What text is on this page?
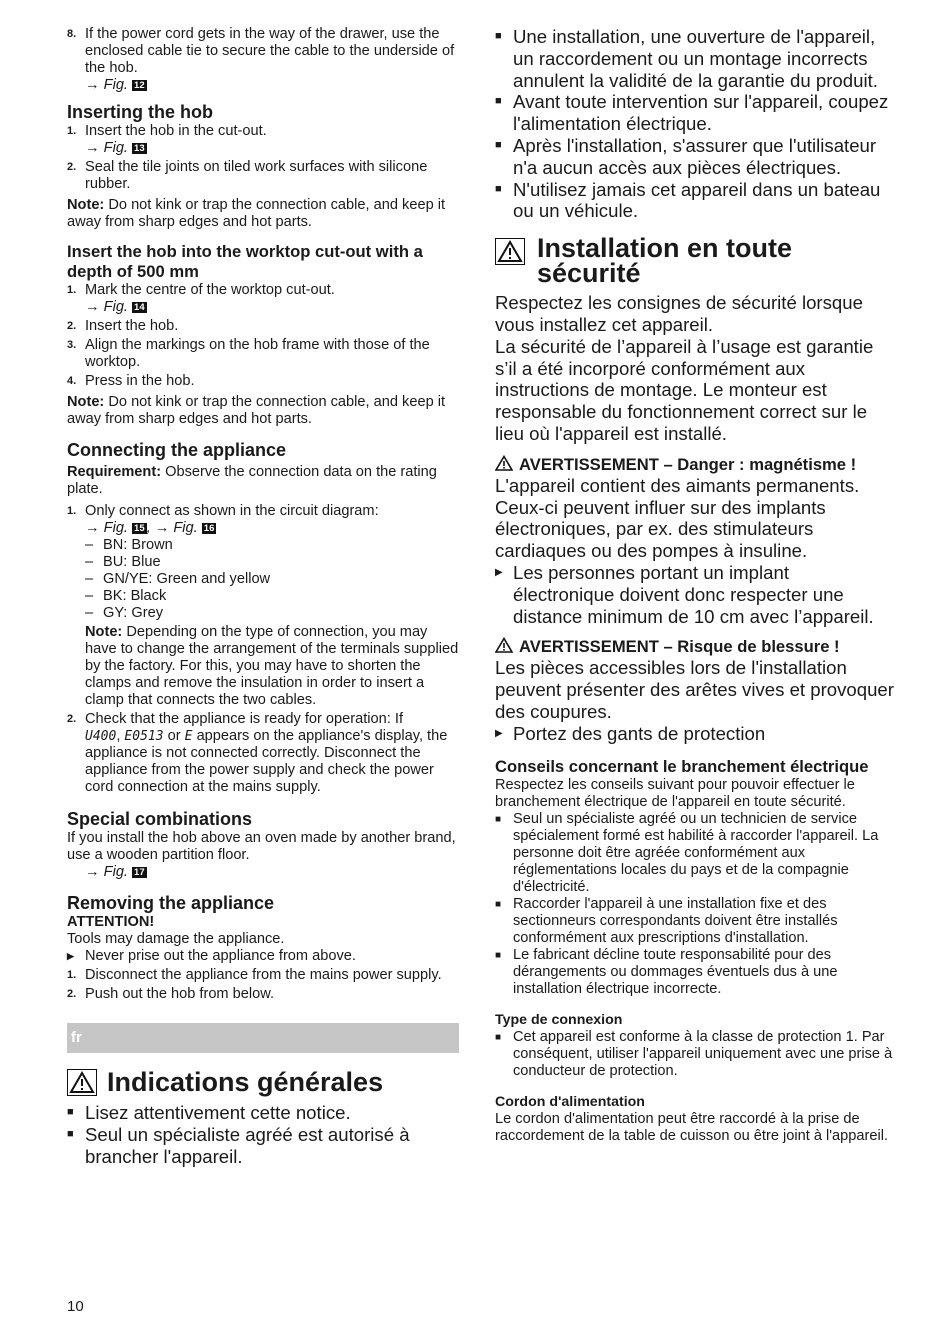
8. If the power cord gets in the way of the drawer, use the enclosed cable tie to secure the cable to the underside of the hob.

→ Fig. 12

Inserting the hob

1. Insert the hob in the cut-out.

→ Fig. 13

2. Seal the tile joints on tiled work surfaces with silicone rubber.

Note: Do not kink or trap the connection cable, and keep it away from sharp edges and hot parts.

Insert the hob into the worktop cut-out with a depth of 500 mm

1. Mark the centre of the worktop cut-out.

→ Fig. 14

2. Insert the hob.

3. Align the markings on the hob frame with those of the worktop.

4. Press in the hob.

Note: Do not kink or trap the connection cable, and keep it away from sharp edges and hot parts.

Connecting the appliance

Requirement: Observe the connection data on the rating plate.

1. Only connect as shown in the circuit diagram:

→ Fig. 15 , → Fig. 16

– BN: Brown

– BU: Blue

– GN/YE: Green and yellow

– BK: Black

– GY: Grey

Note: Depending on the type of connection, you may have to change the arrangement of the terminals supplied by the factory. For this, you may have to shorten the clamps and remove the insulation in order to insert a clamp that connects the two cables.

2. Check that the appliance is ready for operation: If
U400, E0513 or E appears on the appliance's display, the appliance is not connected correctly. Disconnect the appliance from the power supply and check the power cord connection at the mains supply.

Special combinations

If you install the hob above an oven made by another brand, use a wooden partition floor.

→ Fig. 17

Removing the appliance

ATTENTION!

Tools may damage the appliance.

▶ Never prise out the appliance from above.

1. Disconnect the appliance from the mains power supply.

2. Push out the hob from below.

fr
Indications générales
■ Lisez attentivement cette notice.
■ Seul un spécialiste agréé est autorisé à brancher l'appareil.
■ Une installation, une ouverture de l'appareil, un raccordement ou un montage incorrects annulent la validité de la garantie du produit.
■ Avant toute intervention sur l'appareil, coupez l'alimentation électrique.
■ Après l'installation, s'assurer que l'utilisateur n'a aucun accès aux pièces électriques.
■ N'utilisez jamais cet appareil dans un bateau ou un véhicule.

Installation en toute

sécurité

Respectez les consignes de sécurité lorsque vous installez cet appareil.

La sécurité de l’appareil à l’usage est garantie s’il a été incorporé conformément aux instructions de montage. Le monteur est responsable du fonctionnement correct sur le lieu où l'appareil est installé.

AVERTISSEMENT – Danger : magnétisme !

L'appareil contient des aimants permanents. Ceux-ci peuvent influer sur des implants électroniques, par ex. des stimulateurs cardiaques ou des pompes à insuline.

▶ Les personnes portant un implant électronique doivent donc respecter une distance minimum de 10 cm avec l’appareil.

AVERTISSEMENT – Risque de blessure !

Les pièces accessibles lors de l'installation peuvent présenter des arêtes vives et provoquer des coupures.

▶ Portez des gants de protection

Conseils concernant le branchement électrique

Respectez les conseils suivant pour pouvoir effectuer le branchement électrique de l'appareil en toute sécurité.

■ Seul un spécialiste agréé ou un technicien de service spécialement formé est habilité à raccorder l'appareil. La personne doit être agréée conformément aux réglementations locales du pays et de la compagnie d'électricité.
■ Raccorder l'appareil à une installation fixe et des sectionneurs correspondants doivent être installés conformément aux prescriptions d'installation.
■ Le fabricant décline toute responsabilité pour des dérangements ou dommages éventuels dus à une installation électrique incorrecte.

Type de connexion

■ Cet appareil est conforme à la classe de protection 1. Par conséquent, utiliser l'appareil uniquement avec une prise à conducteur de protection.

Cordon d'alimentation

Le cordon d'alimentation peut être raccordé à la prise de raccordement de la table de cuisson ou être joint à l'appareil.

10
